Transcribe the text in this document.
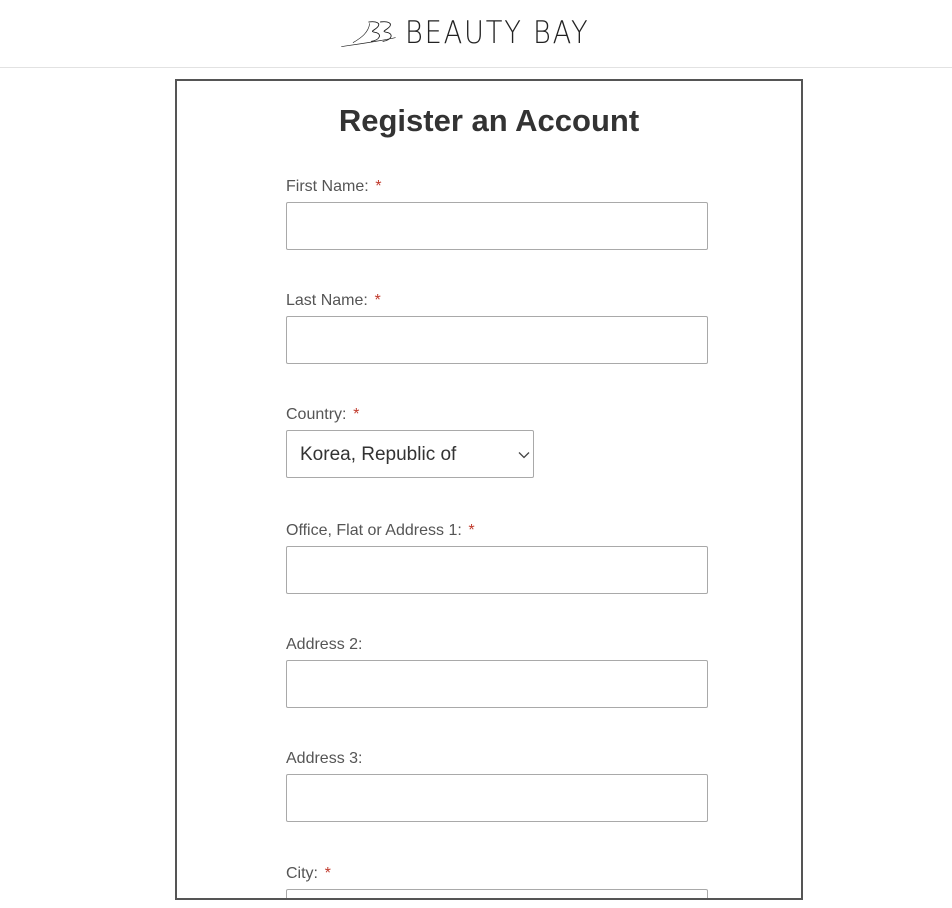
BEAUTY BAY
Register an Account
First Name: *
Last Name: *
Country: *
Korea, Republic of
Office, Flat or Address 1: *
Address 2:
Address 3:
City: *
